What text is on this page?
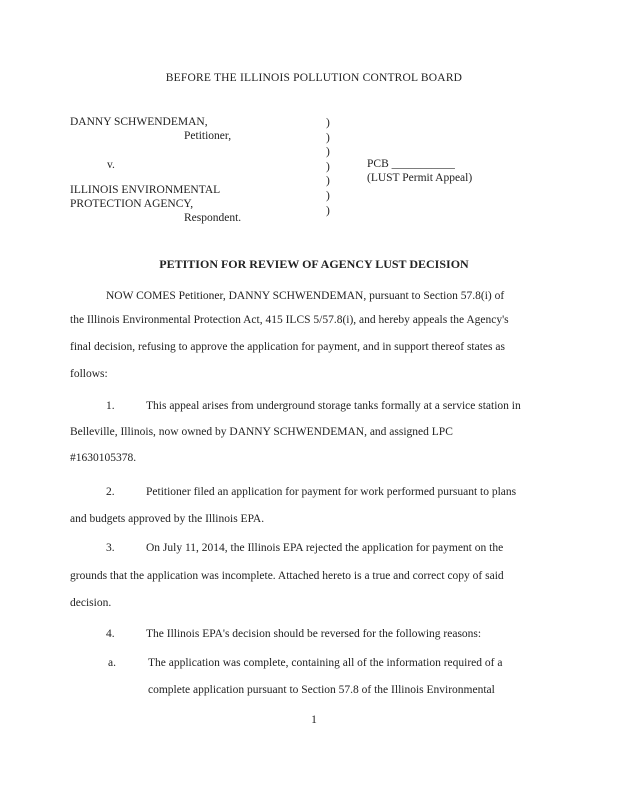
BEFORE THE ILLINOIS POLLUTION CONTROL BOARD
DANNY SCHWENDEMAN,
Petitioner,
v.
ILLINOIS ENVIRONMENTAL
PROTECTION AGENCY,
Respondent.
)
)
)
)
)
)
)
PCB ___________
(LUST Permit Appeal)
PETITION FOR REVIEW OF AGENCY LUST DECISION
NOW COMES Petitioner, DANNY SCHWENDEMAN, pursuant to Section 57.8(i) of
the Illinois Environmental Protection Act, 415 ILCS 5/57.8(i), and hereby appeals the Agency's
final decision, refusing to approve the application for payment, and in support thereof states as
follows:
1.	This appeal arises from underground storage tanks formally at a service station in
Belleville, Illinois, now owned by DANNY SCHWENDEMAN, and assigned LPC
#1630105378.
2.	Petitioner filed an application for payment for work performed pursuant to plans
and budgets approved by the Illinois EPA.
3.	On July 11, 2014, the Illinois EPA rejected the application for payment on the
grounds that the application was incomplete. Attached hereto is a true and correct copy of said
decision.
4.	The Illinois EPA's decision should be reversed for the following reasons:
a.	The application was complete, containing all of the information required of a
complete application pursuant to Section 57.8 of the Illinois Environmental
1
